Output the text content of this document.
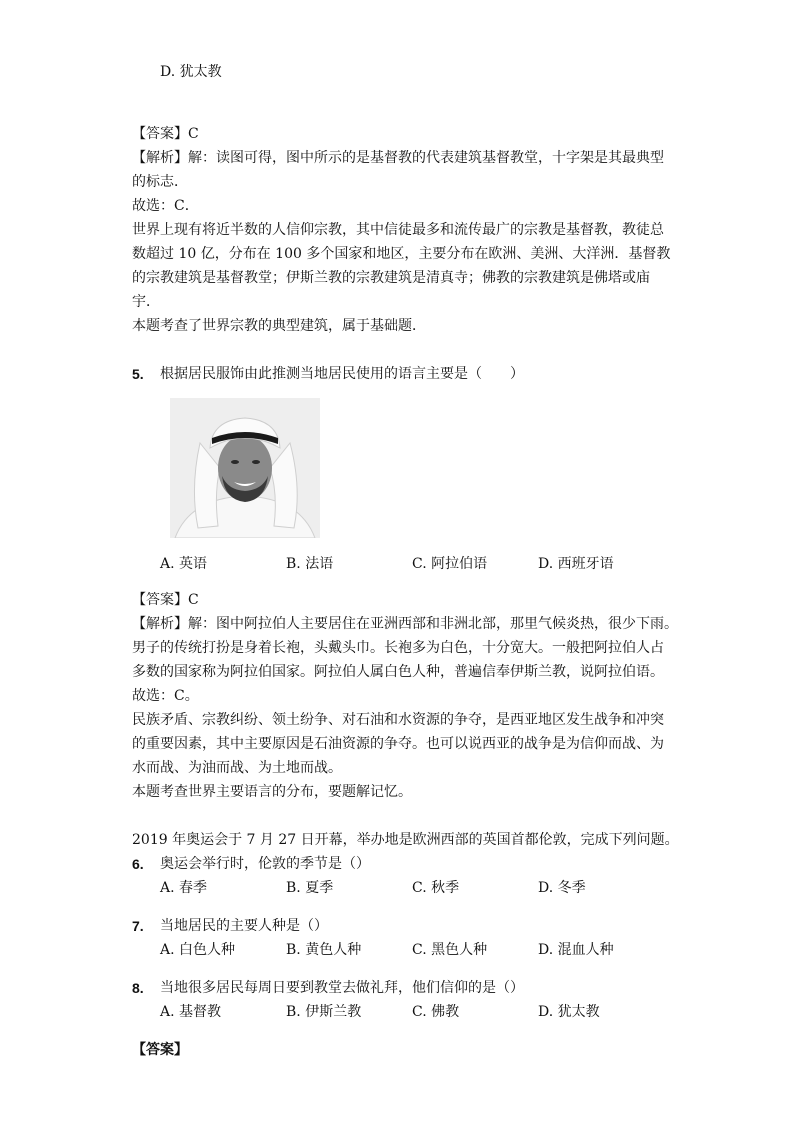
D. 犹太教
【答案】C
【解析】解：读图可得，图中所示的是基督教的代表建筑基督教堂，十字架是其最典型
的标志．
故选：C．
世界上现有将近半数的人信仰宗教，其中信徒最多和流传最广的宗教是基督教，教徒总
数超过 10 亿，分布在 100 多个国家和地区，主要分布在欧洲、美洲、大洋洲．基督教
的宗教建筑是基督教堂；伊斯兰教的宗教建筑是清真寺；佛教的宗教建筑是佛塔或庙
宇．
本题考查了世界宗教的典型建筑，属于基础题．
5. 根据居民服饰由此推测当地居民使用的语言主要是（　　）
A. 英语	B. 法语	C. 阿拉伯语	D. 西班牙语
【答案】C
【解析】解：图中阿拉伯人主要居住在亚洲西部和非洲北部，那里气候炎热，很少下雨。
男子的传统打扮是身着长袍，头戴头巾。长袍多为白色，十分宽大。一般把阿拉伯人占
多数的国家称为阿拉伯国家。阿拉伯人属白色人种，普遍信奉伊斯兰教，说阿拉伯语。
故选：C。
民族矛盾、宗教纠纷、领土纷争、对石油和水资源的争夺，是西亚地区发生战争和冲突
的重要因素，其中主要原因是石油资源的争夺。也可以说西亚的战争是为信仰而战、为
水而战、为油而战、为土地而战。
本题考查世界主要语言的分布，要题解记忆。
2019 年奥运会于 7 月 27 日开幕，举办地是欧洲西部的英国首都伦敦，完成下列问题。
6. 奥运会举行时，伦敦的季节是（）
A. 春季	B. 夏季	C. 秋季	D. 冬季
7. 当地居民的主要人种是（）
A. 白色人种	B. 黄色人种	C. 黑色人种	D. 混血人种
8. 当地很多居民每周日要到教堂去做礼拜，他们信仰的是（）
A. 基督教	B. 伊斯兰教	C. 佛教	D. 犹太教
【答案】
